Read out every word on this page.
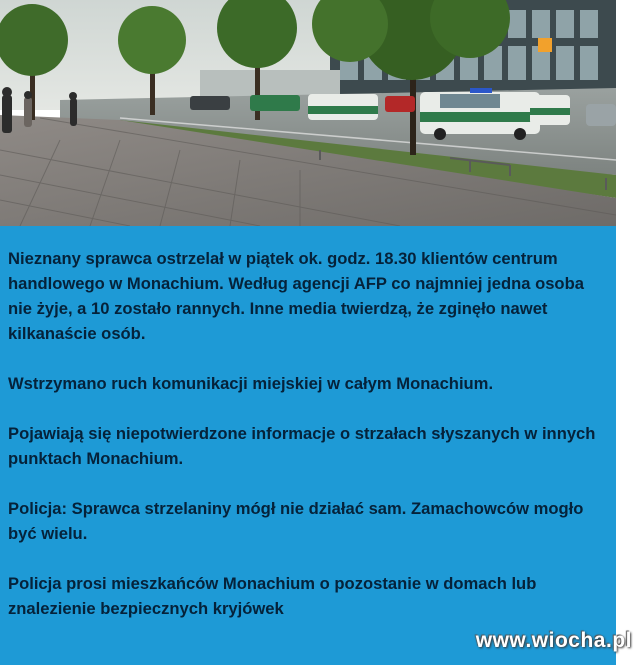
Nieznany sprawca ostrzelał w piątek ok. godz. 18.30 klientów centrum handlowego w Monachium. Według agencji AFP co najmniej jedna osoba nie żyje, a 10 zostało rannych. Inne media twierdzą, że zginęło nawet kilkanaście osób.

Wstrzymano ruch komunikacji miejskiej w całym Monachium.

Pojawiają się niepotwierdzone informacje o strzałach słyszanych w innych punktach Monachium.

Policja: Sprawca strzelaniny mógł nie działać sam. Zamachowców mogło być wielu.

Policja prosi mieszkańców Monachium o pozostanie w domach lub znalezienie bezpiecznych kryjówek

www.wiocha.pl
